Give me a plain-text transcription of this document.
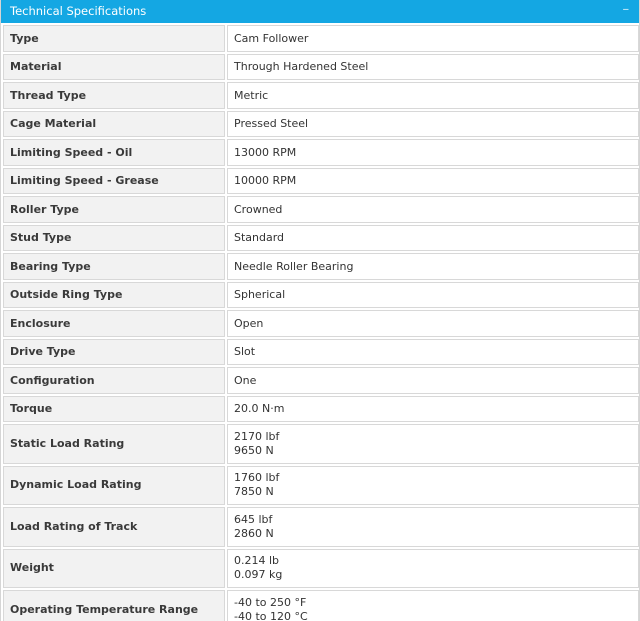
Technical Specifications	‒
Type	Cam Follower

Material	Through Hardened Steel

Thread Type	Metric

Cage Material	Pressed Steel

Limiting Speed - Oil	13000 RPM

Limiting Speed - Grease	10000 RPM

Roller Type	Crowned

Stud Type	Standard

Bearing Type	Needle Roller Bearing

Outside Ring Type	Spherical

Enclosure	Open

Drive Type	Slot

Configuration	One

Torque	20.0 N·m

Static Load Rating	2170 lbf
9650 N

Dynamic Load Rating	1760 lbf
7850 N

Load Rating of Track	645 lbf
2860 N

Weight	0.214 lb
0.097 kg

Operating Temperature Range	-40 to 250 °F
-40 to 120 °C
